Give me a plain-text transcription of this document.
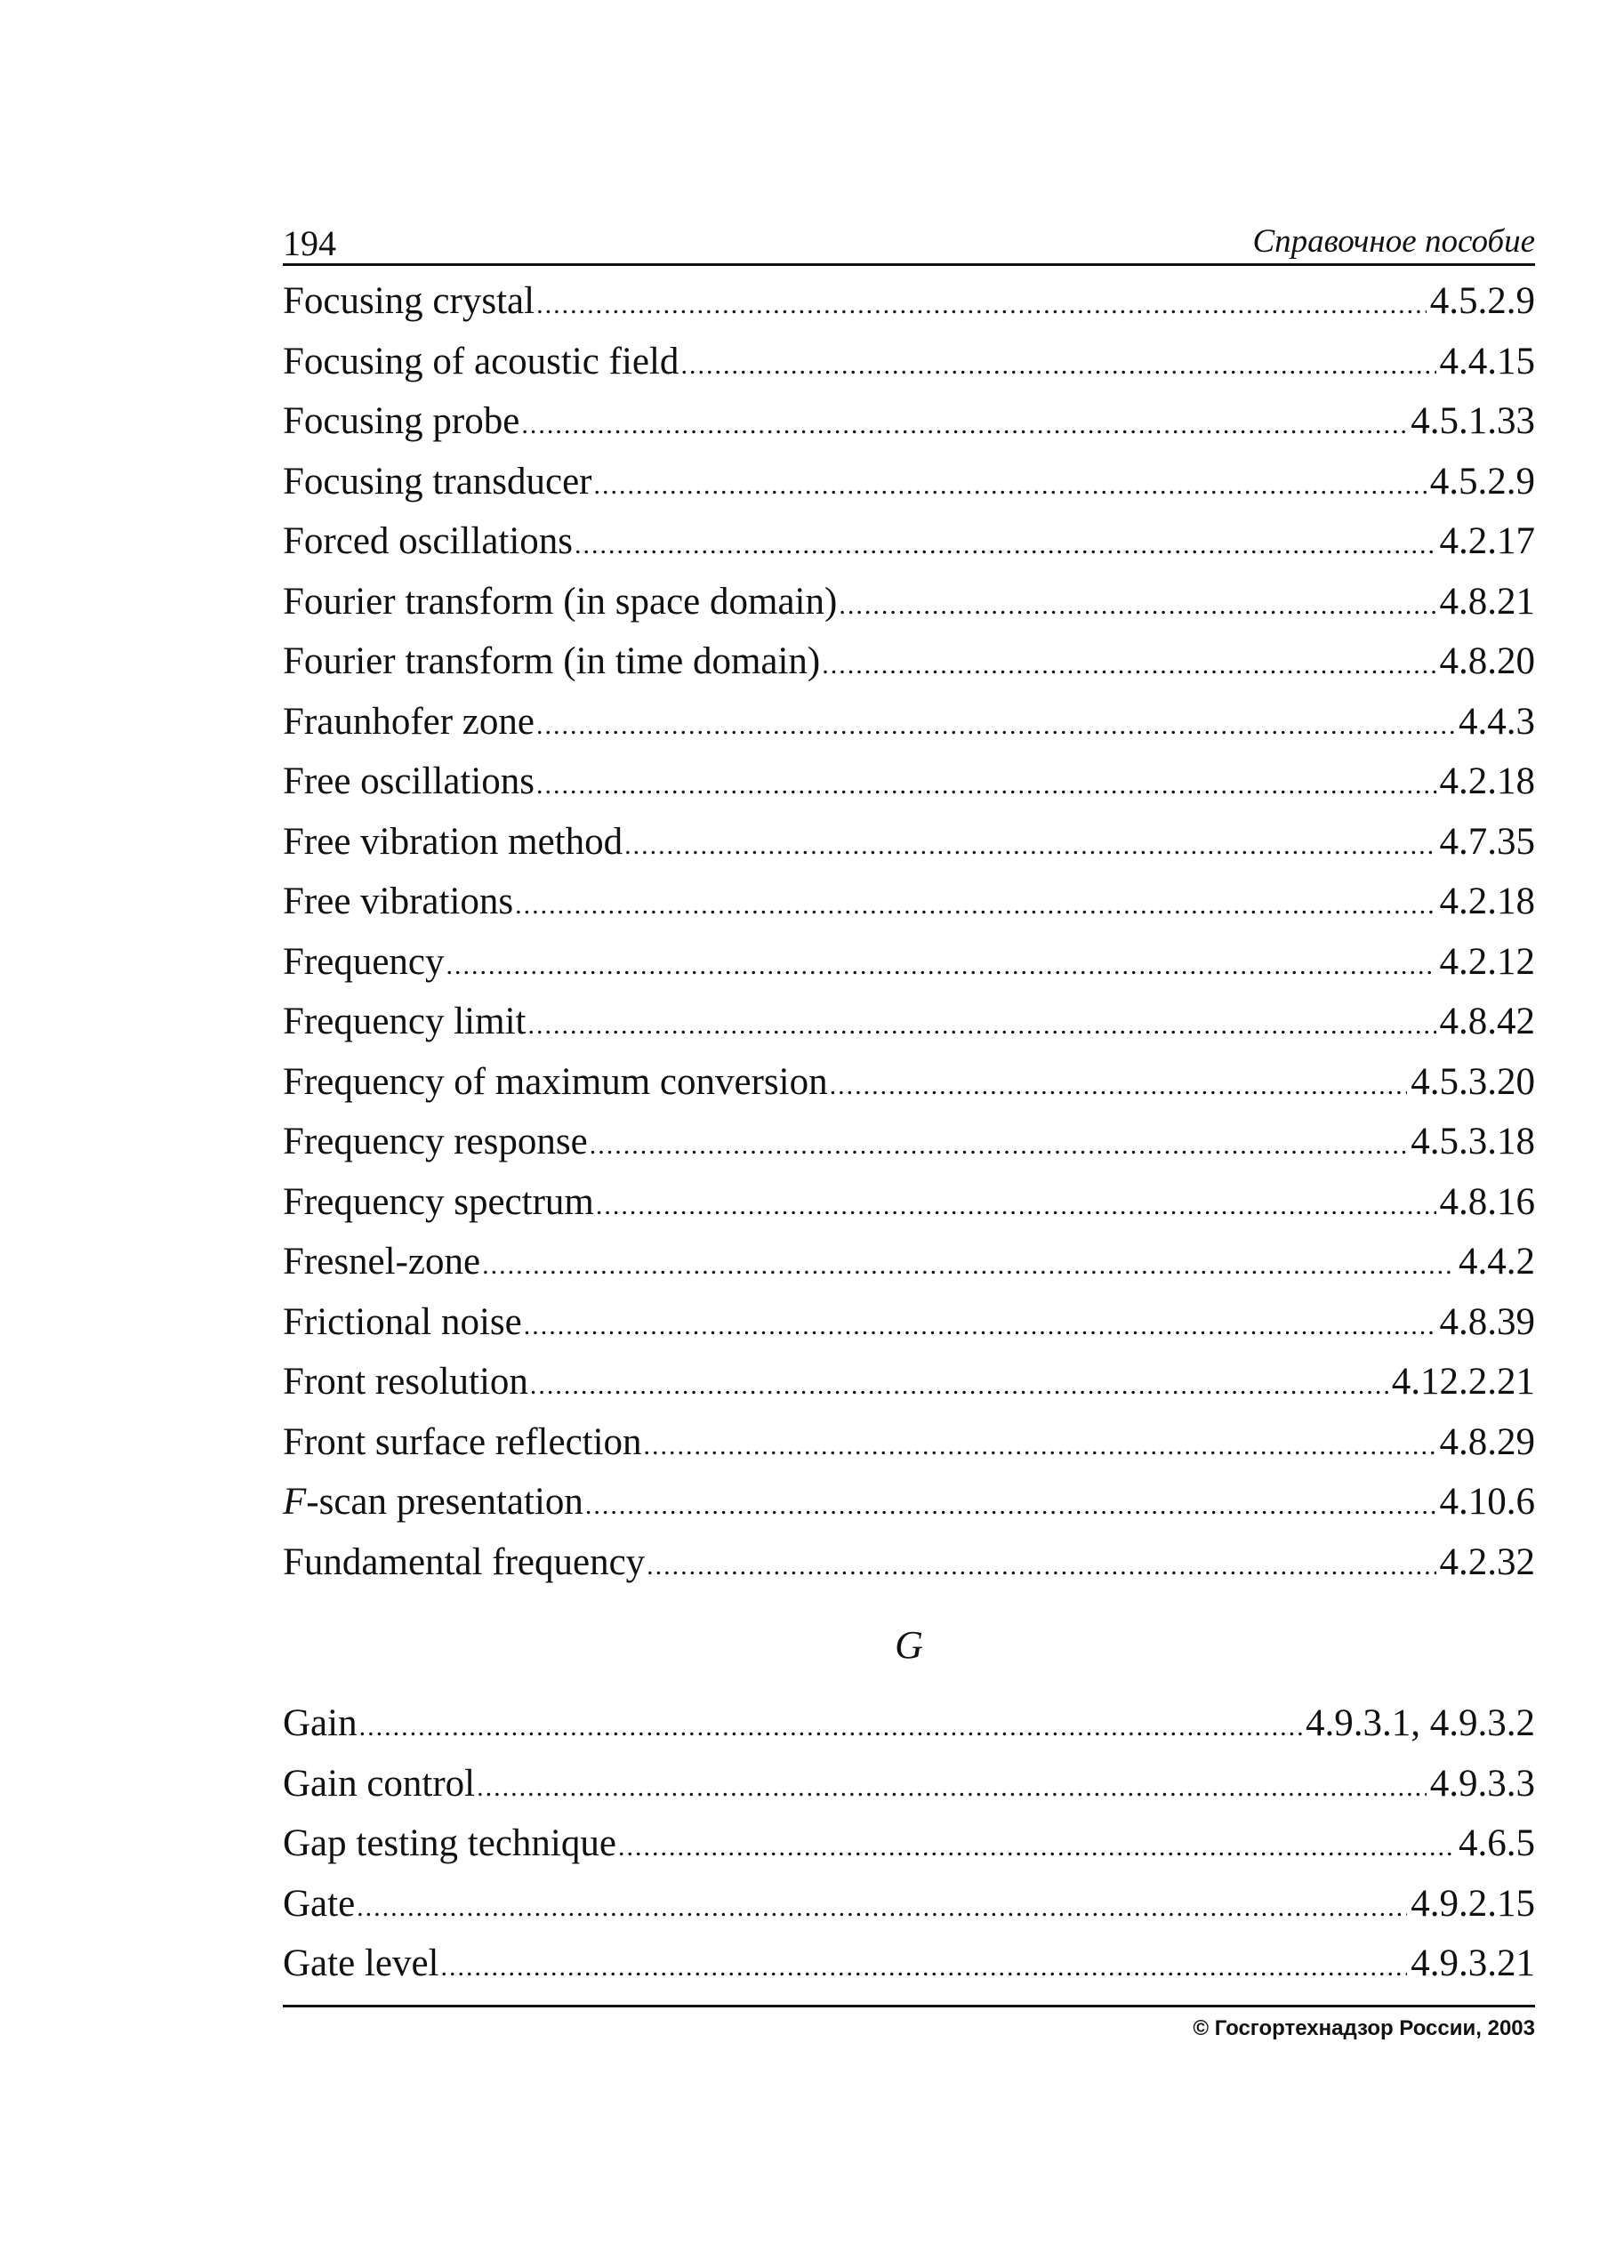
194	Справочное пособие
Focusing crystal .....	4.5.2.9
Focusing of acoustic field .....	4.4.15
Focusing probe .....	4.5.1.33
Focusing transducer .....	4.5.2.9
Forced oscillations .....	4.2.17
Fourier transform (in space domain) .....	4.8.21
Fourier transform (in time domain) .....	4.8.20
Fraunhofer zone .....	4.4.3
Free oscillations .....	4.2.18
Free vibration method .....	4.7.35
Free vibrations .....	4.2.18
Frequency .....	4.2.12
Frequency limit .....	4.8.42
Frequency of maximum conversion .....	4.5.3.20
Frequency response .....	4.5.3.18
Frequency spectrum .....	4.8.16
Fresnel-zone .....	4.4.2
Frictional noise .....	4.8.39
Front resolution .....	4.12.2.21
Front surface reflection .....	4.8.29
F-scan presentation .....	4.10.6
Fundamental frequency .....	4.2.32
G
Gain .....	4.9.3.1, 4.9.3.2
Gain control .....	4.9.3.3
Gap testing technique .....	4.6.5
Gate .....	4.9.2.15
Gate level .....	4.9.3.21
© Госгортехнадзор России, 2003
